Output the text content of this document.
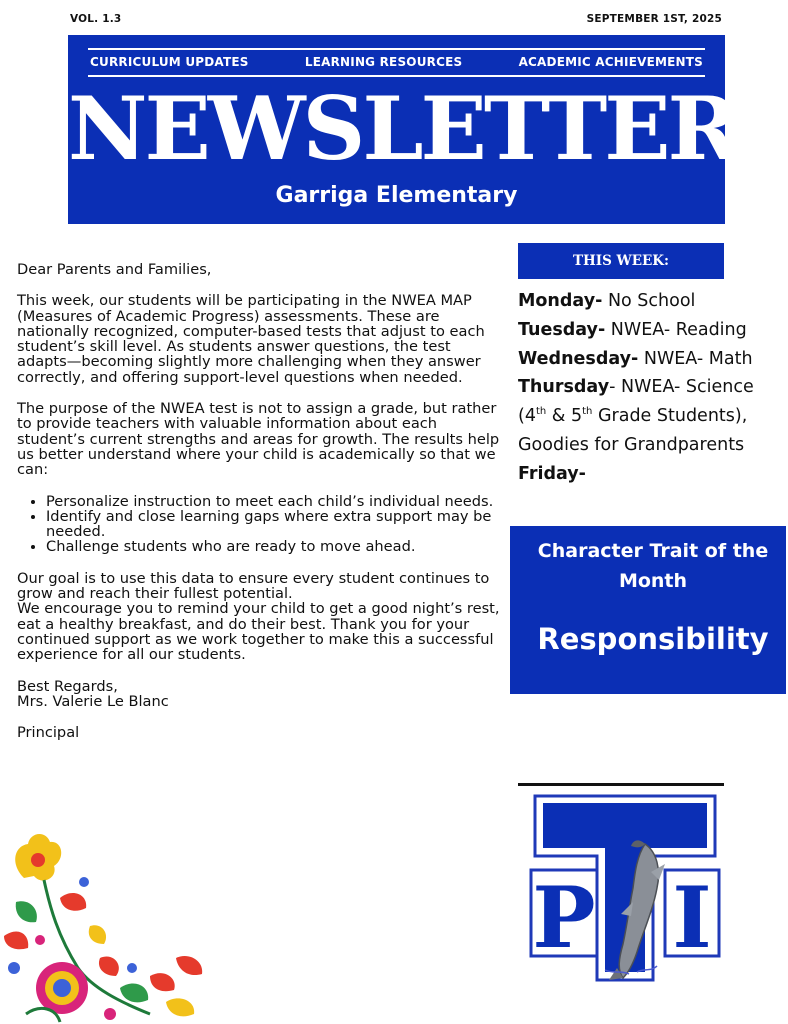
VOL. 1.3	SEPTEMBER 1ST, 2025
CURRICULUM UPDATES	LEARNING RESOURCES	ACADEMIC ACHIEVEMENTS
NEWSLETTER
Garriga Elementary

Dear Parents and Families,

This week, our students will be participating in the NWEA MAP (Measures of Academic Progress) assessments. These are nationally recognized, computer-based tests that adjust to each student’s skill level. As students answer questions, the test adapts—becoming slightly more challenging when they answer correctly, and offering support-level questions when needed.

The purpose of the NWEA test is not to assign a grade, but rather to provide teachers with valuable information about each student’s current strengths and areas for growth. The results help us better understand where your child is academically so that we can:

• Personalize instruction to meet each child’s individual needs.
• Identify and close learning gaps where extra support may be needed.
• Challenge students who are ready to move ahead.

Our goal is to use this data to ensure every student continues to grow and reach their fullest potential.

We encourage you to remind your child to get a good night’s rest, eat a healthy breakfast, and do their best. Thank you for your continued support as we work together to make this a successful experience for all our students.

Best Regards,

Mrs. Valerie Le Blanc

Principal

THIS WEEK:
Monday- No School
Tuesday- NWEA- Reading
Wednesday- NWEA- Math
Thursday- NWEA- Science
(4th & 5th Grade Students),
Goodies for Grandparents
Friday-
Character Trait of the Month
Responsibility
P I
